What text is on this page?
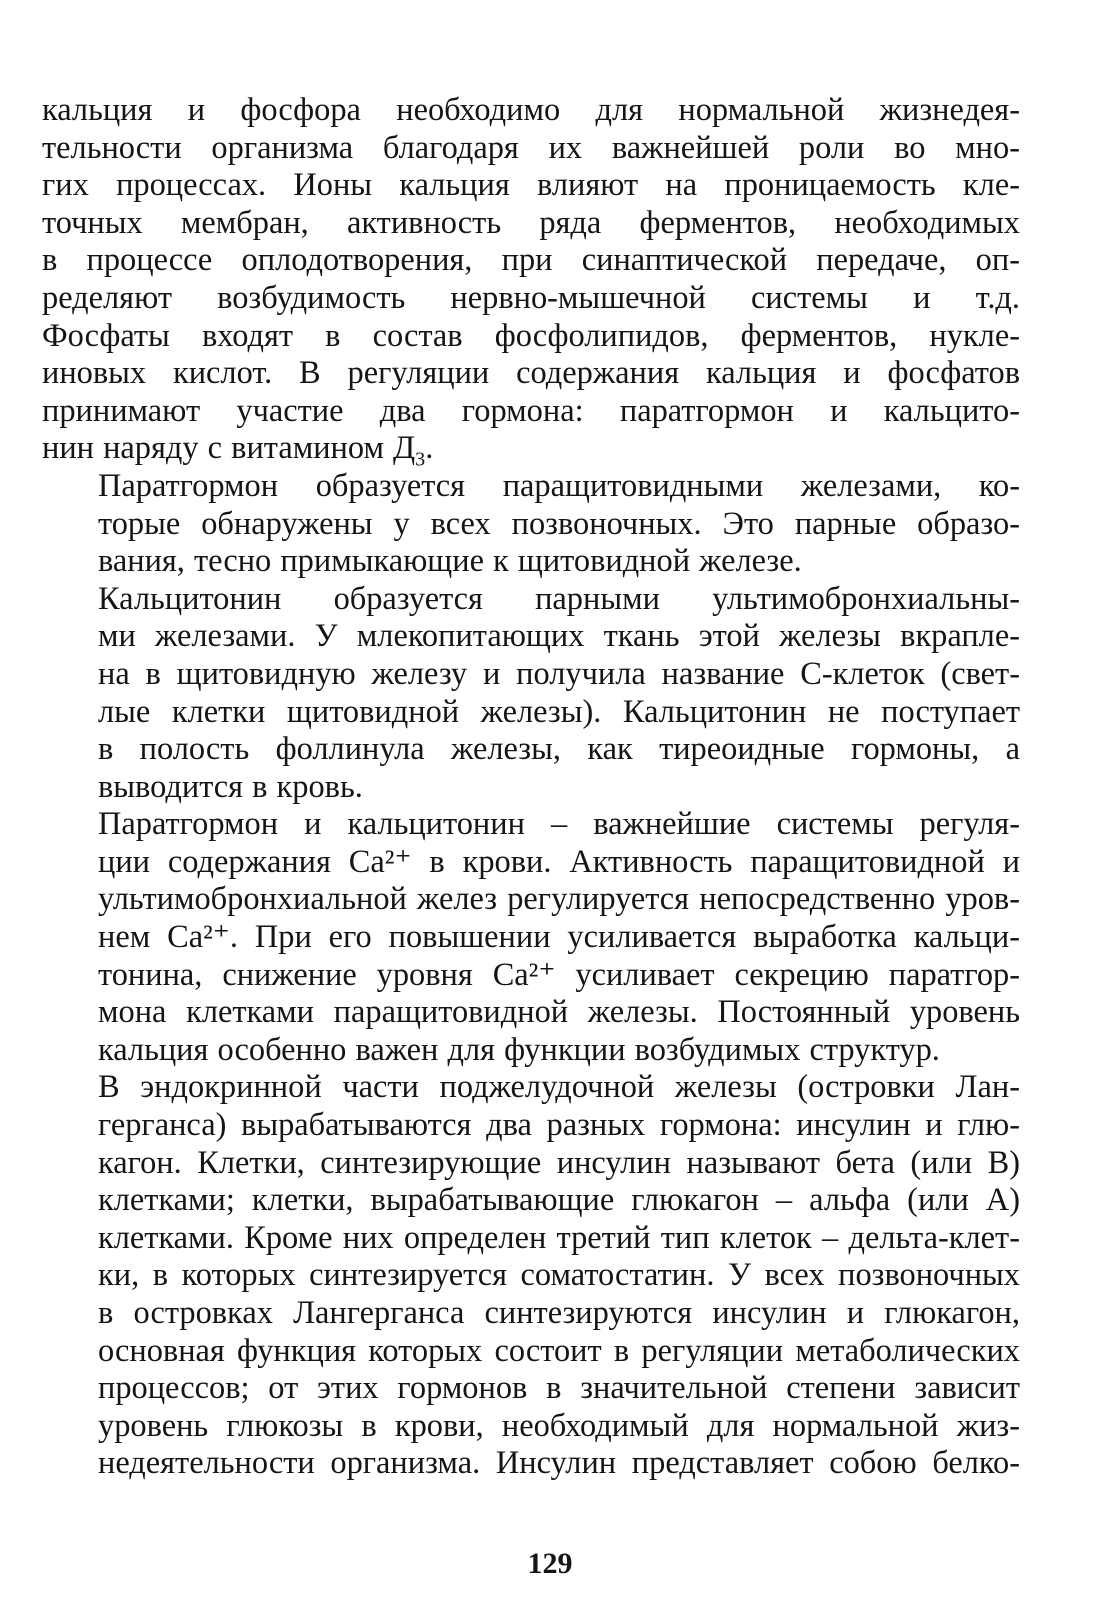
кальция и фосфора необходимо для нормальной жизнедея-
тельности организма благодаря их важнейшей роли во мно-
гих процессах. Ионы кальция влияют на проницаемость кле-
точных мембран, активность ряда ферментов, необходимых
в процессе оплодотворения, при синаптической передаче, оп-
ределяют возбудимость нервно-мышечной системы и т.д.
Фосфаты входят в состав фосфолипидов, ферментов, нукле-
иновых кислот. В регуляции содержания кальция и фосфатов
принимают участие два гормона: паратгормон и кальцито-
нин наряду с витамином $Д_3$.

Паратгормон образуется паращитовидными железами, ко-
торые обнаружены у всех позвоночных. Это парные образо-
вания, тесно примыкающие к щитовидной железе.

Кальцитонин образуется парными ультимобронхиальны-
ми железами. У млекопитающих ткань этой железы вкрапле-
на в щитовидную железу и получила название С-клеток (свет-
лые клетки щитовидной железы). Кальцитонин не поступает
в полость фоллинула железы, как тиреоидные гормоны, а
выводится в кровь.

Паратгормон и кальцитонин – важнейшие системы регуля-
ции содержания Ca²⁺ в крови. Активность паращитовидной и
ультимобронхиальной желез регулируется непосредственно уров-
нем Ca²⁺. При его повышении усиливается выработка кальци-
тонина, снижение уровня Ca²⁺ усиливает секрецию паратгор-
мона клетками паращитовидной железы. Постоянный уровень
кальция особенно важен для функции возбудимых структур.

В эндокринной части поджелудочной железы (островки Лан-
герганса) вырабатываются два разных гормона: инсулин и глю-
кагон. Клетки, синтезирующие инсулин называют бета (или В)
клетками; клетки, вырабатывающие глюкагон – альфа (или А)
клетками. Кроме них определен третий тип клеток – дельта-клет-
ки, в которых синтезируется соматостатин. У всех позвоночных
в островках Лангерганса синтезируются инсулин и глюкагон,
основная функция которых состоит в регуляции метаболических
процессов; от этих гормонов в значительной степени зависит
уровень глюкозы в крови, необходимый для нормальной жиз-
недеятельности организма. Инсулин представляет собою белко-

129
